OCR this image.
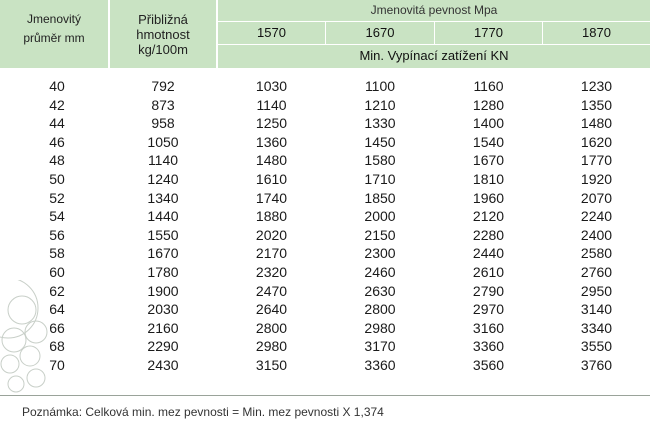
Jmenovitý
průměr mm
Přibližná
hmotnost
kg/100m
Jmenovitá pevnost Mpa
1570	1670	1770	1870
Min. Vypínací zatížení KN
40	792	1030	1100	1160	1230
42	873	1140	1210	1280	1350
44	958	1250	1330	1400	1480
46	1050	1360	1450	1540	1620
48	1140	1480	1580	1670	1770
50	1240	1610	1710	1810	1920
52	1340	1740	1850	1960	2070
54	1440	1880	2000	2120	2240
56	1550	2020	2150	2280	2400
58	1670	2170	2300	2440	2580
60	1780	2320	2460	2610	2760
62	1900	2470	2630	2790	2950
64	2030	2640	2800	2970	3140
66	2160	2800	2980	3160	3340
68	2290	2980	3170	3360	3550
70	2430	3150	3360	3560	3760
Poznámka: Celková min. mez pevnosti = Min. mez pevnosti X 1,374
